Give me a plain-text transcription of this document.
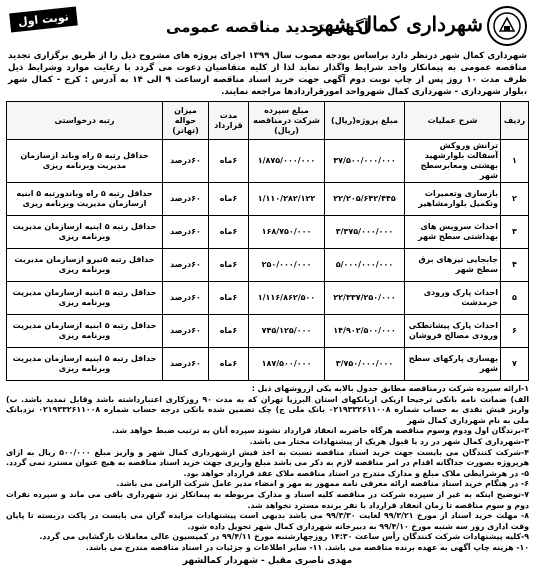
شهرداری کمال شهر
آگهی تجدید مناقصه عمومی
نوبت اول
شهرداری کمال شهر درنظر دارد براساس بودجه مصوب سال ۱۳۹۹ اجرای پروژه های مشروح ذیل را از طریق برگزاری تجدید مناقصه عمومی به پیمانکار واجد شرایط واگذار نماید لذا از کلیه متقاضیان دعوت می گردد با رعایت موارد وشرایط ذیل ظرف مدت ۱۰ روز پس از چاپ نوبت دوم آگهی جهت خرید اسناد مناقصه ازساعت ۹ الی ۱۴ به آدرس : کرج - کمال شهر ،بلوار شهرداری - شهرداری کمال شهرواحد امورقراردادها مراجعه نمایند.
ردیف	شرح عملیات	مبلغ پروژه(ریال)	مبلغ سپرده شرکت درمناقصه (ریال)	مدت قرارداد	میزان حواله (تهاتر)	رتبه درخواستی
۱	ترانش وروکش آسفالت بلوارشهید بهشتی ومعابرسطح شهر	۳۷/۵۰۰/۰۰۰/۰۰۰	۱/۸۷۵/۰۰۰/۰۰۰	۶ماه	۶۰درصد	حداقل رتبه ۵ راه وباند ازسازمان مدیریت وبرنامه ریزی
۲	بازسازی وتعمیرات وتکمیل بلوارمشاهیر	۲۲/۲۰۵/۶۴۲/۴۴۵	۱/۱۱۰/۲۸۲/۱۲۲	۶ماه	۶۰درصد	حداقل رتبه ۵ راه وباندورتبه ۵ ابنیه ازسازمان مدیریت وبرنامه ریزی
۳	احداث سرویس های بهداشتی سطح شهر	۳/۳۷۵/۰۰۰/۰۰۰	۱۶۸/۷۵۰/۰۰۰	۶ماه	۶۰درصد	حداقل رتبه ۵ ابنیه ازسازمان مدیریت وبرنامه ریزی
۴	جابجایی تیرهای برق سطح شهر	۵/۰۰۰/۰۰۰/۰۰۰	۲۵۰/۰۰۰/۰۰۰	۶ماه	۶۰درصد	حداقل رتبه ۵نیرو ازسازمان مدیریت وبرنامه ریزی
۵	احداث پارک ورودی خرمدشت	۲۲/۳۳۷/۲۵۰/۰۰۰	۱/۱۱۶/۸۶۲/۵۰۰	۶ماه	۶۰درصد	حداقل رتبه ۵ ابنیه ازسازمان مدیریت وبرنامه ریزی
۶	احداث پارک پیشانطکی ورودی مصالح فروشان	۱۴/۹۰۲/۵۰۰/۰۰۰	۷۴۵/۱۲۵/۰۰۰	۶ماه	۶۰درصد	حداقل رتبه ۵ ابنیه ازسازمان مدیریت وبرنامه ریزی
۷	بهسازی پارکهای سطح شهر	۳/۷۵۰/۰۰۰/۰۰۰	۱۸۷/۵۰۰/۰۰۰	۶ماه	۶۰درصد	حداقل رتبه ۵ ابنیه ازسازمان مدیریت وبرنامه ریزی

۱-ارائه سپرده شرکت درمناقصه مطابق جدول بالابه یکی ازروشهای ذیل :

الف) ضمانت نامه بانکی ترجیحا ازیکی ازبانکهای استان البرزیا تهران که به مدت ۹۰ روزکاری اعتبارداشته باشد وقابل تمدید باشد. ب) واریز فیش نقدی به حساب شماره ۰۲۱۹۳۳۲۶۱۱۰۰۸ بانک ملی ج) چک تضمین شده بانکی درجه حساب شماره ۰۲۱۹۳۳۲۶۱۱۰۰۸ نزدبانک ملی به نام شهرداری کمال شهر

۲-برندگان اول ودوم وسوم مناقصه هرگاه حاضربه انعقاد قرارداد نشوند سپرده آنان به ترتیب ضبط خواهد شد.

۳-شهرداری کمال شهر در رد یا قبول هریک از پیشنهادات مختار می باشد.

۴-شرکت کنندگان می بایست جهت خرید اسناد مناقصه نسبت به اخذ فیش ازشهرداری کمال شهر و واریز مبلغ ۵۰۰/۰۰۰ ریال به ازای هرپروژه بصورت جداگانه اقدام در امر مناقصه لازم به ذکر می باشد مبلغ واریزی جهت خرید اسناد مناقصه به هیچ عنوان مسترد نمی گردد.

۵- در هرشرایطی ملاک مبلغ و مدارک مندرج در اسناد مناقصه ملاک عقد قرارداد خواهد بود.

۶- در هنگام خرید اسناد مناقصه ارائه معرفی نامه ممهور به مهر و امضاء مدیر عامل شرکت الزامی می باشد.

۷-توضیح اینکه به غیر از سپرده شرکت در مناقصه کلیه اسناد و مدارک مربوطه به پیمانکار نزد شهرداری باقی می ماند و سپرده نفرات دوم و سوم مناقصه تا زمان انعقاد قرارداد با نفر برنده مسترد نخواهد شد.

۸- مهلت خرید اسناد از مورخ ۹۹/۳/۲۱ لغایت ۹۹/۳/۳۰ می باشد بدیهی است پیشنهادات مزایده گران می بایست در پاکت دربسته تا پایان وقت اداری روز سه شنبه مورخ ۹۹/۴/۱۰ به دبیرخانه شهرداری کمال شهر تحویل داده شود.

۹-کلیه پیشنهادات شرکت کنندگان رأس ساعت ۱۴:۳۰ روزچهارشنبه مورخ ۹۹/۴/۱۱ در کمیسیون عالی معاملات بازگشایی می گردد.

۱۰- هزینه چاپ آگهی به عهده برنده مناقصه می باشد. ۱۱- سایر اطلاعات و جزئیات در اسناد مناقصه مندرج می باشد.

مهدی ناصری مقبل - شهردار کمالشهر
